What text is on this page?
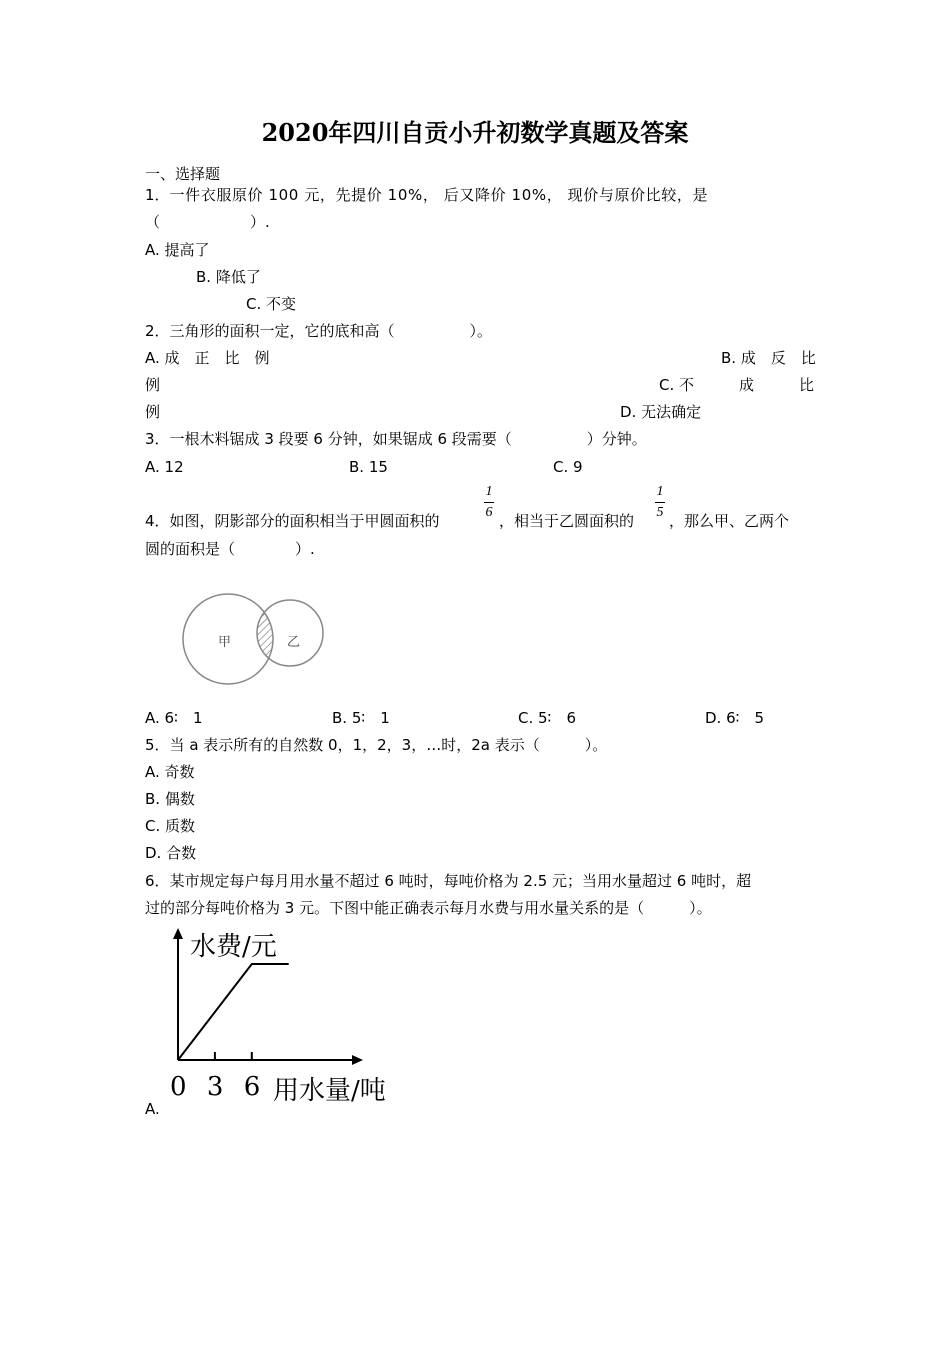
2020年四川自贡小升初数学真题及答案
一、选择题
1．一件衣服原价 100 元，先提价 10%， 后又降价 10%， 现价与原价比较，是
（　　　　　　）.
A. 提高了
B. 降低了
C. 不变
2．三角形的面积一定，它的底和高（　　　　　）。
A. 成　正　比　例	B. 成　反　比
例	C. 不　　　成　　　比
例	D. 无法确定
3．一根木料锯成 3 段要 6 分钟，如果锯成 6 段需要（　　　　　）分钟。
A. 12	B. 15	C. 9
4．如图，阴影部分的面积相当于甲圆面积的
1
6 ，相当于乙圆面积的
1
5 ，那么甲、乙两个
圆的面积是（　　　　）.
甲	乙
A. 6∶　1	B. 5∶　1	C. 5∶　6	D. 6∶　5
5．当 a 表示所有的自然数 0，1，2，3，…时，2a 表示（　　　）。
A. 奇数
B. 偶数
C. 质数
D. 合数
6．某市规定每户每月用水量不超过 6 吨时，每吨价格为 2.5 元；当用水量超过 6 吨时，超
过的部分每吨价格为 3 元。下图中能正确表示每月水费与用水量关系的是（　　　）。
水费/元
用水量/吨
0 3 6
A.
